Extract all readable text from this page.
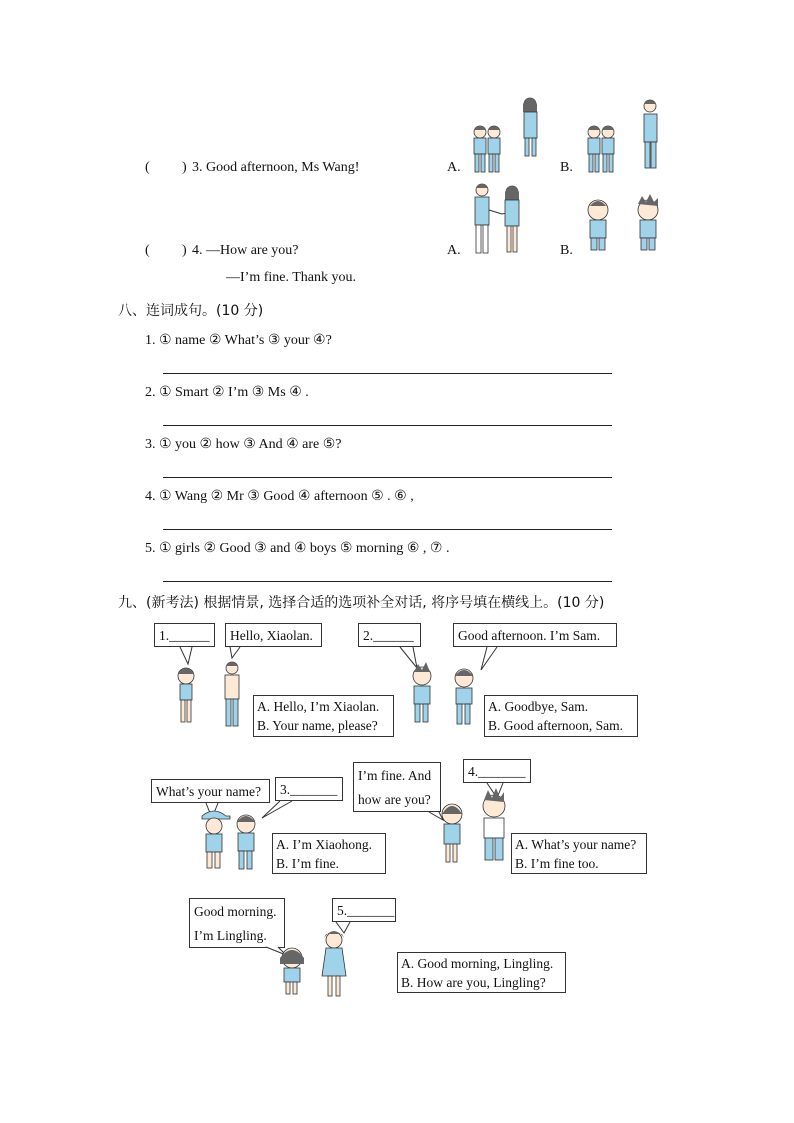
( ) 3. Good afternoon, Ms Wang!	A.	B.
( ) 4. —How are you?
—I’m fine. Thank you.
A.	B.
八、连词成句。(10 分)
1. ① name ② What’s ③ your ④?
2. ① Smart ② I’m ③ Ms ④ .
3. ① you ② how ③ And ④ are ⑤?
4. ① Wang ② Mr ③ Good ④ afternoon ⑤ . ⑥ ,
5. ① girls ② Good ③ and ④ boys ⑤ morning ⑥ , ⑦ .
九、(新考法) 根据情景, 选择合适的选项补全对话, 将序号填在横线上。(10 分)
1.______	Hello, Xiaolan.
A. Hello, I’m Xiaolan.
B. Your name, please?
2.______	Good afternoon. I’m Sam.
A. Goodbye, Sam.
B. Good afternoon, Sam.
What’s your name?	3._______
A. I’m Xiaohong.
B. I’m fine.
I’m fine. And
how are you?
4._______
A. What’s your name?
B. I’m fine too.
Good morning.
I’m Lingling.
5._______
A. Good morning, Lingling.
B. How are you, Lingling?
